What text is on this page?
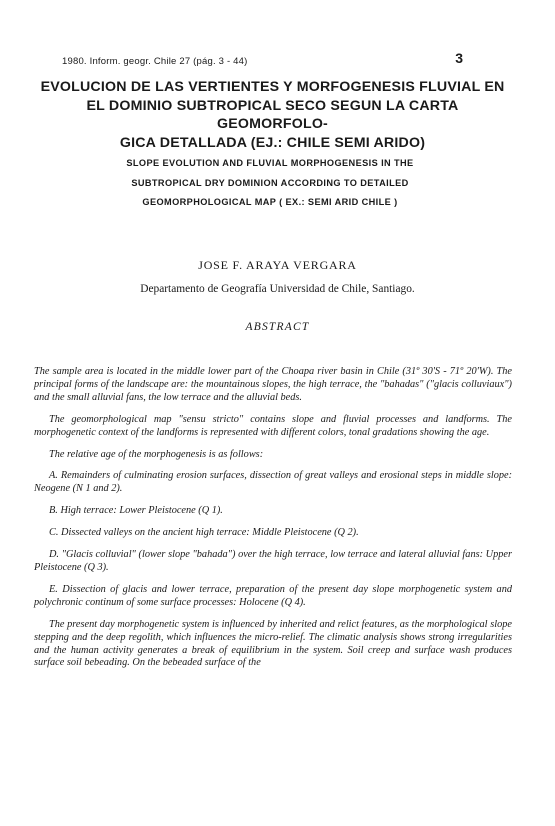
1980. Inform. geogr. Chile 27 (pág. 3 - 44)	3
EVOLUCION DE LAS VERTIENTES Y MORFOGENESIS FLUVIAL EN
EL DOMINIO SUBTROPICAL SECO SEGUN LA CARTA GEOMORFOLO-
GICA DETALLADA (EJ.: CHILE SEMI ARIDO)
SLOPE EVOLUTION AND FLUVIAL MORPHOGENESIS IN THE
SUBTROPICAL DRY DOMINION ACCORDING TO DETAILED
GEOMORPHOLOGICAL MAP ( EX.: SEMI ARID CHILE )
JOSE F. ARAYA VERGARA
Departamento de Geografía Universidad de Chile, Santiago.
ABSTRACT

The sample area is located in the middle lower part of the Choapa river basin in Chile (31º 30'S - 71º 20'W). The principal forms of the landscape are: the mountainous slopes, the high terrace, the "bahadas" ("glacis colluviaux") and the small alluvial fans, the low terrace and the alluvial beds.

The geomorphological map "sensu stricto" contains slope and fluvial processes and landforms. The morphogenetic context of the landforms is represented with different colors, tonal gradations showing the age.

The relative age of the morphogenesis is as follows:

A. Remainders of culminating erosion surfaces, dissection of great valleys and erosional steps in middle slope: Neogene (N 1 and 2).

B. High terrace: Lower Pleistocene (Q 1).

C. Dissected valleys on the ancient high terrace: Middle Pleistocene (Q 2).

D. "Glacis colluvial" (lower slope "bahada") over the high terrace, low terrace and lateral alluvial fans: Upper Pleistocene (Q 3).

E. Dissection of glacis and lower terrace, preparation of the present day slope morphogenetic system and polychronic continum of some surface processes: Holocene (Q 4).

The present day morphogenetic system is influenced by inherited and relict features, as the morphological slope stepping and the deep regolith, which influences the micro-relief. The climatic analysis shows strong irregularities and the human activity generates a break of equilibrium in the system. Soil creep and surface wash produces surface soil bebeading. On the bebeaded surface of the
